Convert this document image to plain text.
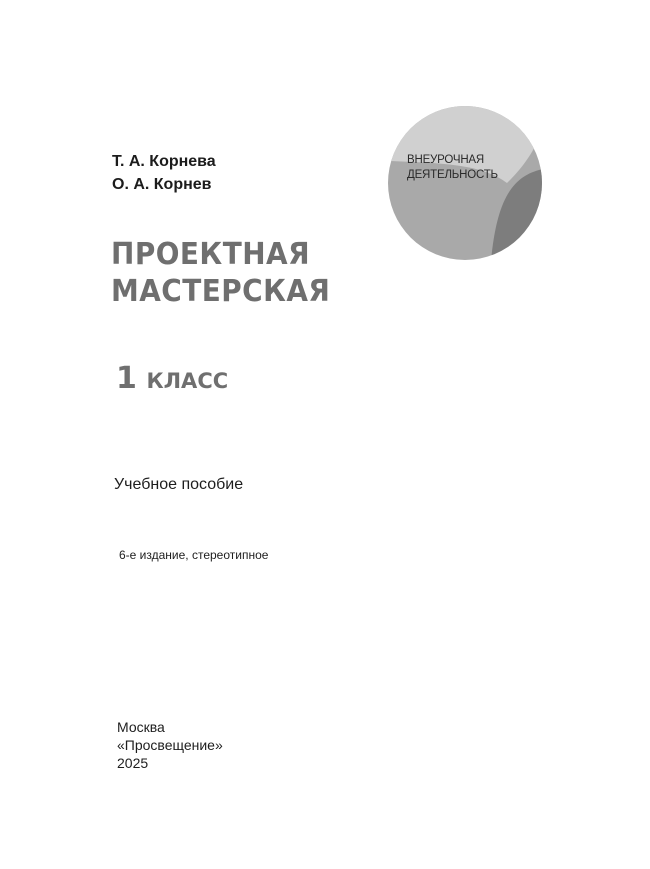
Т. А. Корнева
О. А. Корнев
ВНЕУРОЧНАЯ
ДЕЯТЕЛЬНОСТЬ
ПРОЕКТНАЯ
МАСТЕРСКАЯ
1 КЛАСС
Учебное пособие
6-е издание, стереотипное
Москва
«Просвещение»
2025
